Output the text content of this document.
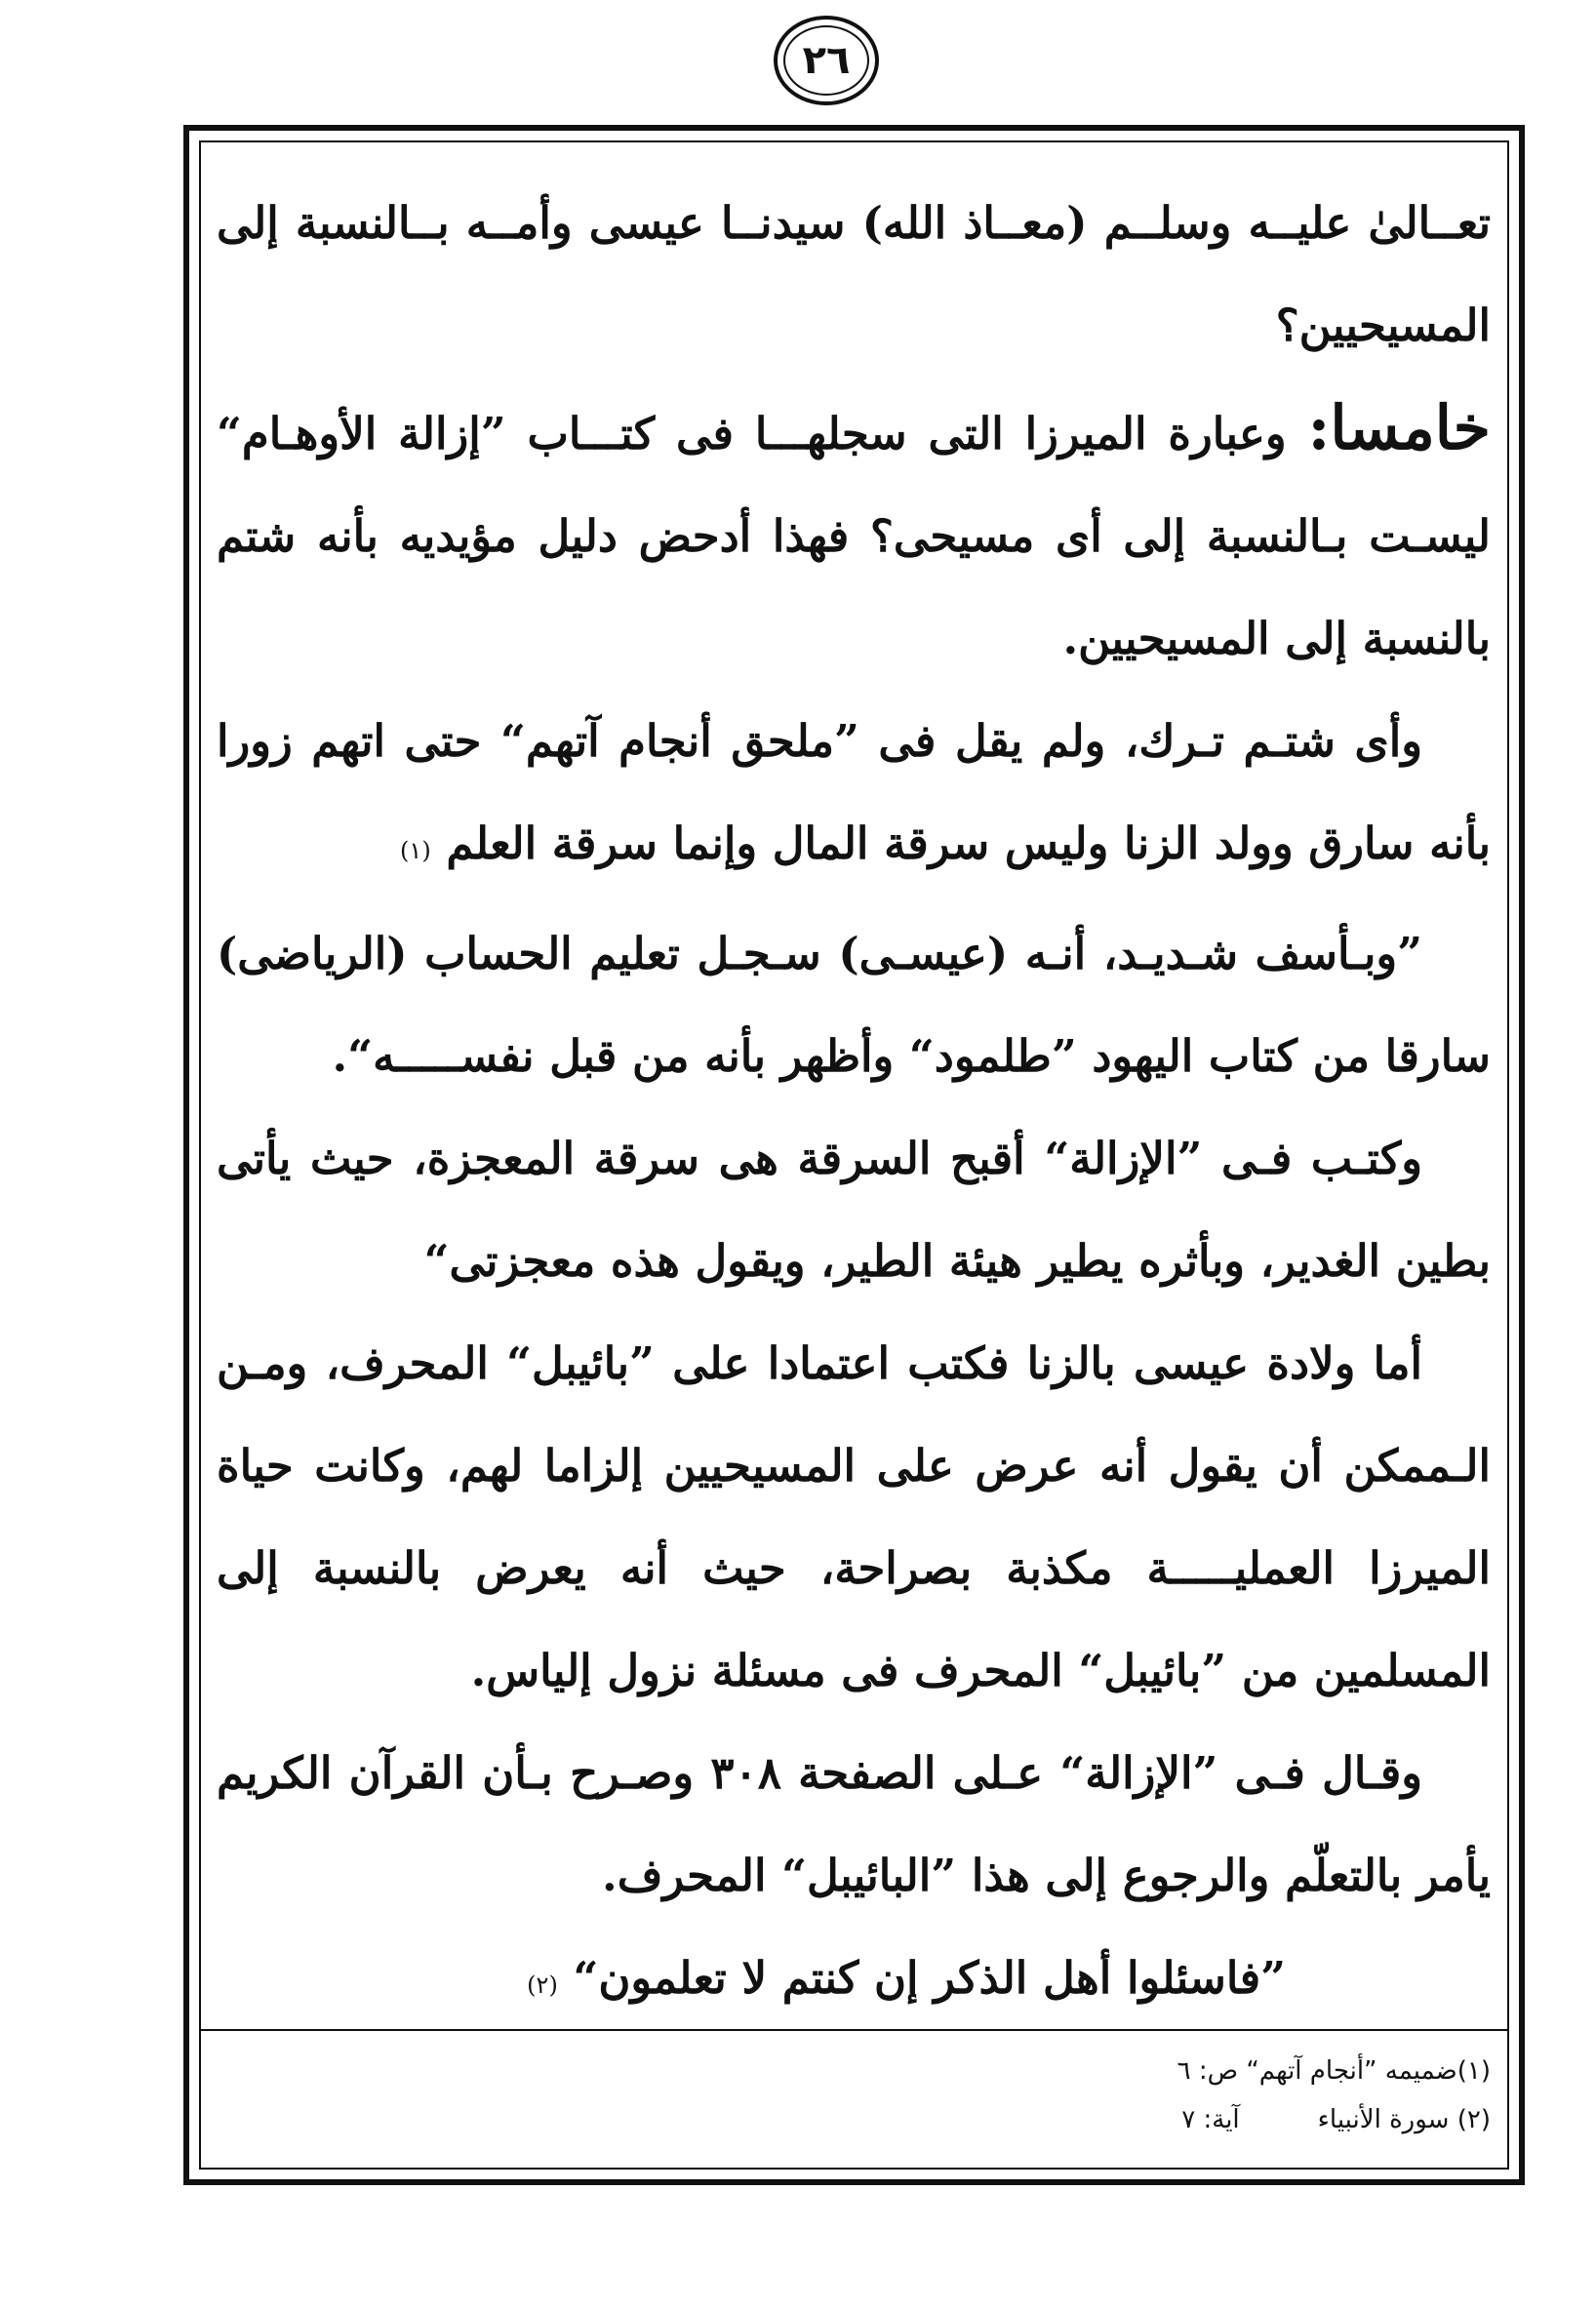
٢٦

تعــالىٰ عليــه وسلــم (معــاذ الله) سيدنــا عيسى وأمــه بــالنسبة إلى المسيحيين؟

خامسا: وعبارة الميرزا التى سجلهـــا فى كتـــاب ”إزالة الأوهـام“ ليسـت بـالنسبة إلى أى مسيحى؟ فهذا أدحض دليل مؤيديه بأنه شتم بالنسبة إلى المسيحيين.

وأى شتـم تـرك، ولم يقل فى ”ملحق أنجام آتهم“ حتى اتهم زورا بأنه سارق وولد الزنا وليس سرقة المال وإنما سرقة العلم (١)

”وبـأسف شـديـد، أنـه (عيسـى) سـجـل تعليم الحساب (الرياضى) سارقا من كتاب اليهود ”طلمود“ وأظهر بأنه من قبل نفســـــه“.

وكتـب فـى ”الإزالة“ أقبح السرقة هى سرقة المعجزة، حيث يأتى بطين الغدير، وبأثره يطير هيئة الطير، ويقول هذه معجزتى“

أما ولادة عيسى بالزنا فكتب اعتمادا على ”بائيبل“ المحرف، ومـن الـممكن أن يقول أنه عرض على المسيحيين إلزاما لهم، وكانت حياة الميرزا العمليـــــة مكذبة بصراحة، حيث أنه يعرض بالنسبة إلى المسلمين من ”بائيبل“ المحرف فى مسئلة نزول إلياس.

وقـال فـى ”الإزالة“ عـلى الصفحة ٣٠٨ وصـرح بـأن القرآن الكريم يأمر بالتعلّم والرجوع إلى هذا ”البائيبل“ المحرف.

”فاسئلوا أهل الذكر إن كنتم لا تعلمون“ (٢)

(١)ضميمه ”أنجام آتهم“ ص: ٦
(٢) سورة الأنبياءآية: ٧
